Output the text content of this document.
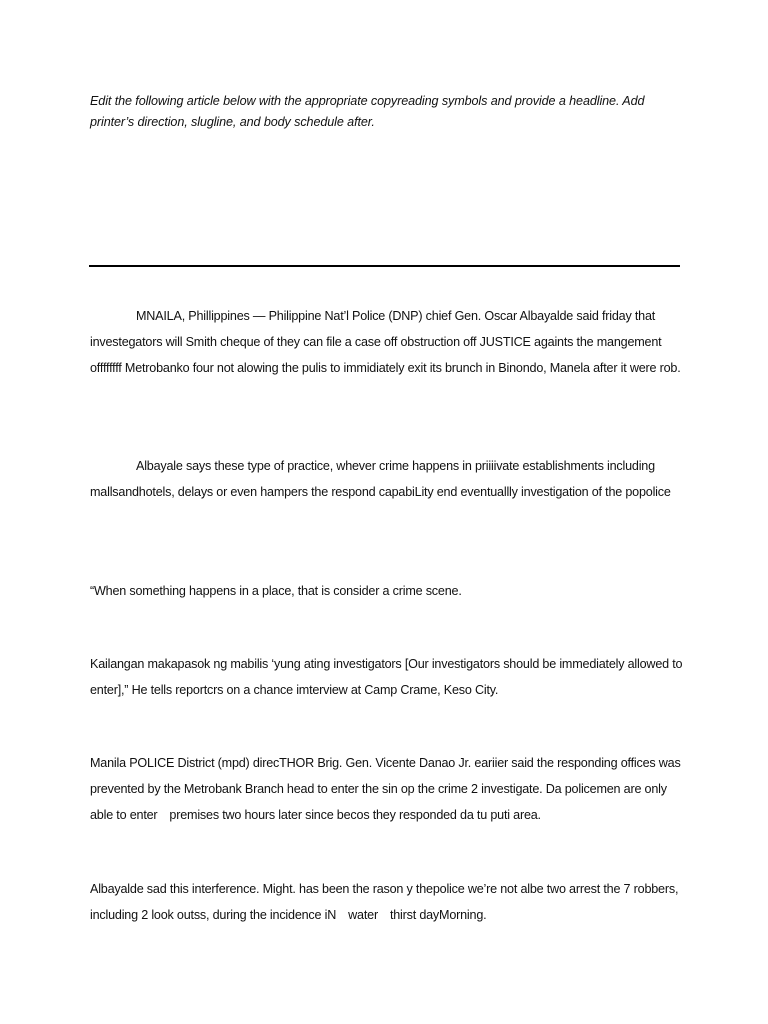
Edit the following article below with the appropriate copyreading symbols and provide a headline. Add printer’s direction, slugline, and body schedule after.

MNAILA, Phillippines — Philippine Nat’l Police (DNP) chief Gen. Oscar Albayalde said friday that investegators will Smith cheque of they can file a case off obstruction off JUSTICE againts the mangement offffffff Metrobanko four not alowing the pulis to immidiately exit its brunch in Binondo, Manela after it were rob.

Albayale says these type of practice, whever crime happens in priiiivate establishments including mallsandhotels, delays or even hampers the respond capabiLity end eventuallly investigation of the popolice

“When something happens in a place, that is consider a crime scene.

Kailangan makapasok ng mabilis ‘yung ating investigators [Our investigators should be immediately allowed to enter],” He tells reportcrs on a chance imterview at Camp Crame, Keso City.

Manila POLICE District (mpd) direcTHOR Brig. Gen. Vicente Danao Jr. eariier said the responding offices was prevented by the Metrobank Branch head to enter the sin op the crime 2 investigate. Da policemen are only able to enter premises two hours later since becos they responded da tu puti area.

Albayalde sad this interference. Might. has been the rason y thepolice we’re not albe two arrest the 7 robbers, including 2 look outss, during the incidence iN water thirst dayMorning.
